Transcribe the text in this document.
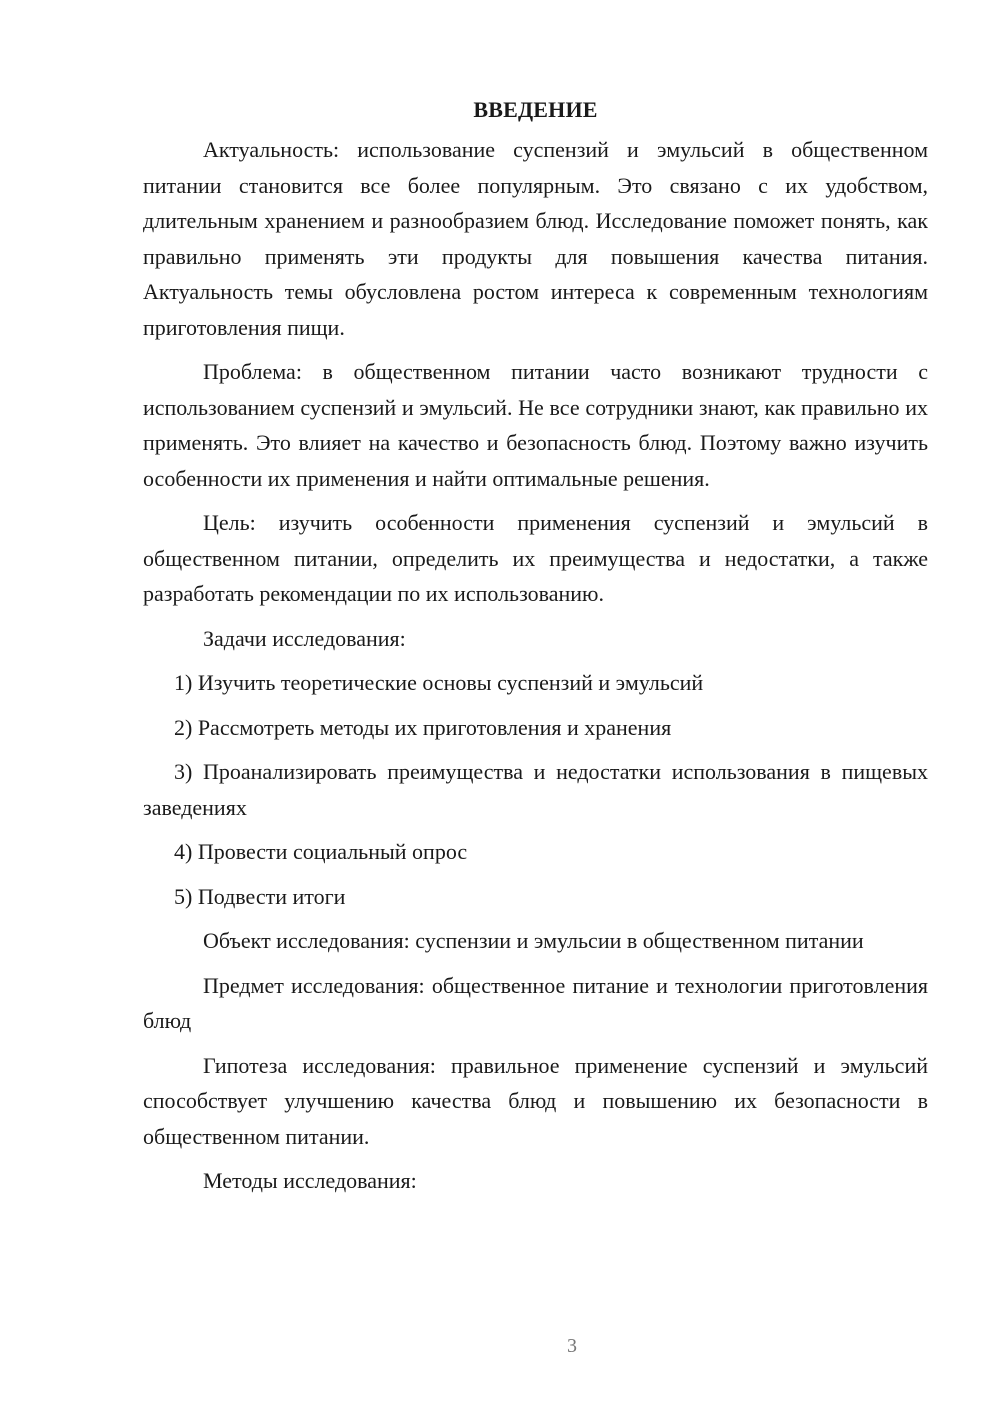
ВВЕДЕНИЕ

Актуальность: использование суспензий и эмульсий в общественном питании становится все более популярным. Это связано с их удобством, длительным хранением и разнообразием блюд. Исследование поможет понять, как правильно применять эти продукты для повышения качества питания. Актуальность темы обусловлена ростом интереса к современным технологиям приготовления пищи.

Проблема: в общественном питании часто возникают трудности с использованием суспензий и эмульсий. Не все сотрудники знают, как правильно их применять. Это влияет на качество и безопасность блюд. Поэтому важно изучить особенности их применения и найти оптимальные решения.

Цель: изучить особенности применения суспензий и эмульсий в общественном питании, определить их преимущества и недостатки, а также разработать рекомендации по их использованию.

Задачи исследования:

1) Изучить теоретические основы суспензий и эмульсий

2) Рассмотреть методы их приготовления и хранения

3) Проанализировать преимущества и недостатки использования в пищевых заведениях

4) Провести социальный опрос

5) Подвести итоги

Объект исследования: суспензии и эмульсии в общественном питании

Предмет исследования: общественное питание и технологии приготовления блюд

Гипотеза исследования: правильное применение суспензий и эмульсий способствует улучшению качества блюд и повышению их безопасности в общественном питании.

Методы исследования:

3
